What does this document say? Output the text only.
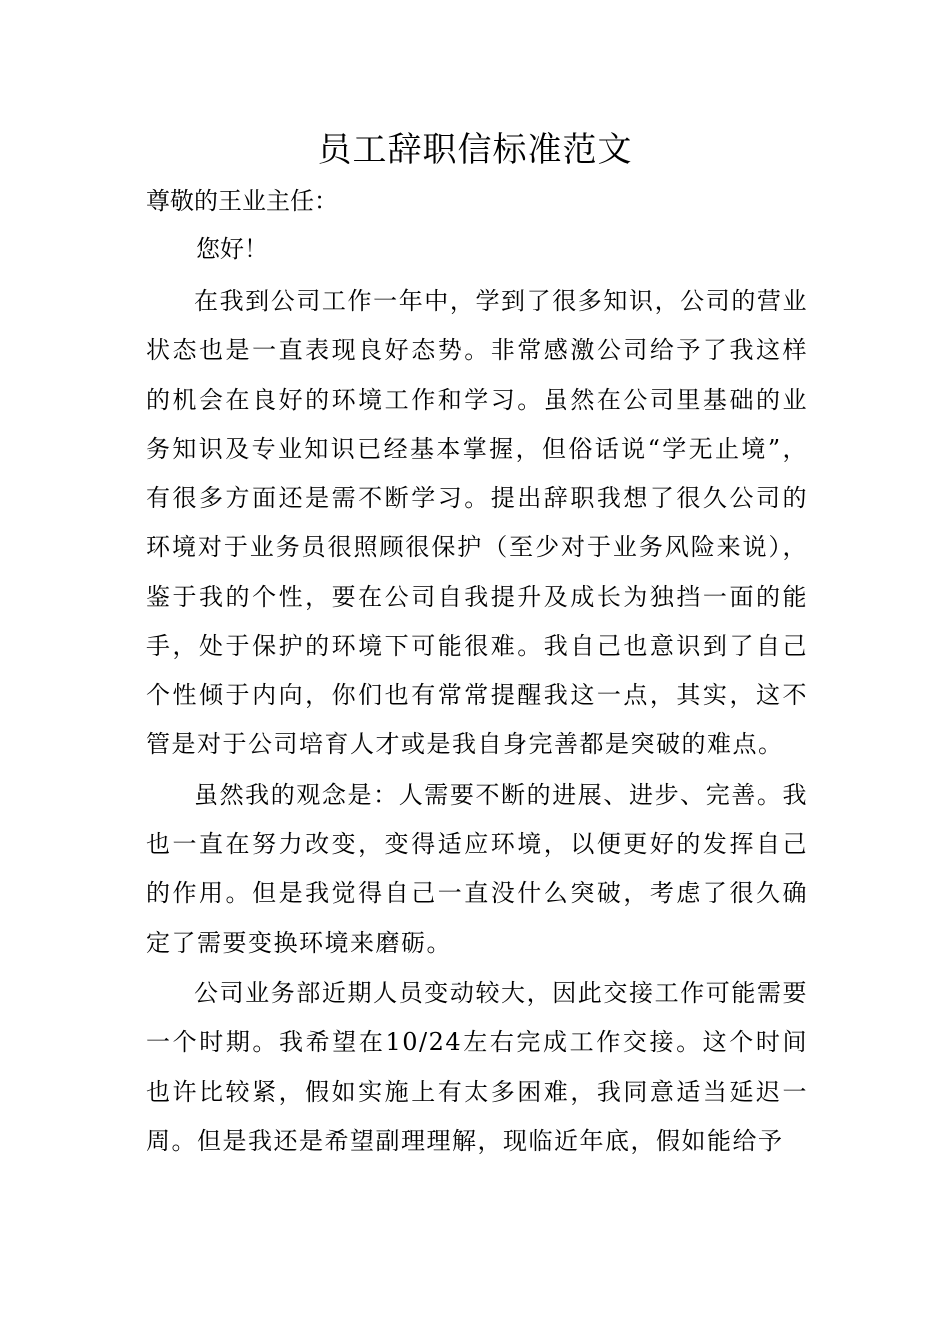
员工辞职信标准范文

尊敬的王业主任：

您好！

在我到公司工作一年中，学到了很多知识，公司的营业状态也是一直表现良好态势。非常感激公司给予了我这样的机会在良好的环境工作和学习。虽然在公司里基础的业务知识及专业知识已经基本掌握，但俗话说“学无止境”，有很多方面还是需不断学习。提出辞职我想了很久公司的环境对于业务员很照顾很保护（至少对于业务风险来说），鉴于我的个性，要在公司自我提升及成长为独挡一面的能手，处于保护的环境下可能很难。我自己也意识到了自己个性倾于内向，你们也有常常提醒我这一点，其实，这不管是对于公司培育人才或是我自身完善都是突破的难点。

虽然我的观念是：人需要不断的进展、进步、完善。我也一直在努力改变，变得适应环境，以便更好的发挥自己的作用。但是我觉得自己一直没什么突破，考虑了很久确定了需要变换环境来磨砺。

公司业务部近期人员变动较大，因此交接工作可能需要一个时期。我希望在10/24左右完成工作交接。这个时间也许比较紧，假如实施上有太多困难，我同意适当延迟一周。但是我还是希望副理理解，现临近年底，假如能给予
